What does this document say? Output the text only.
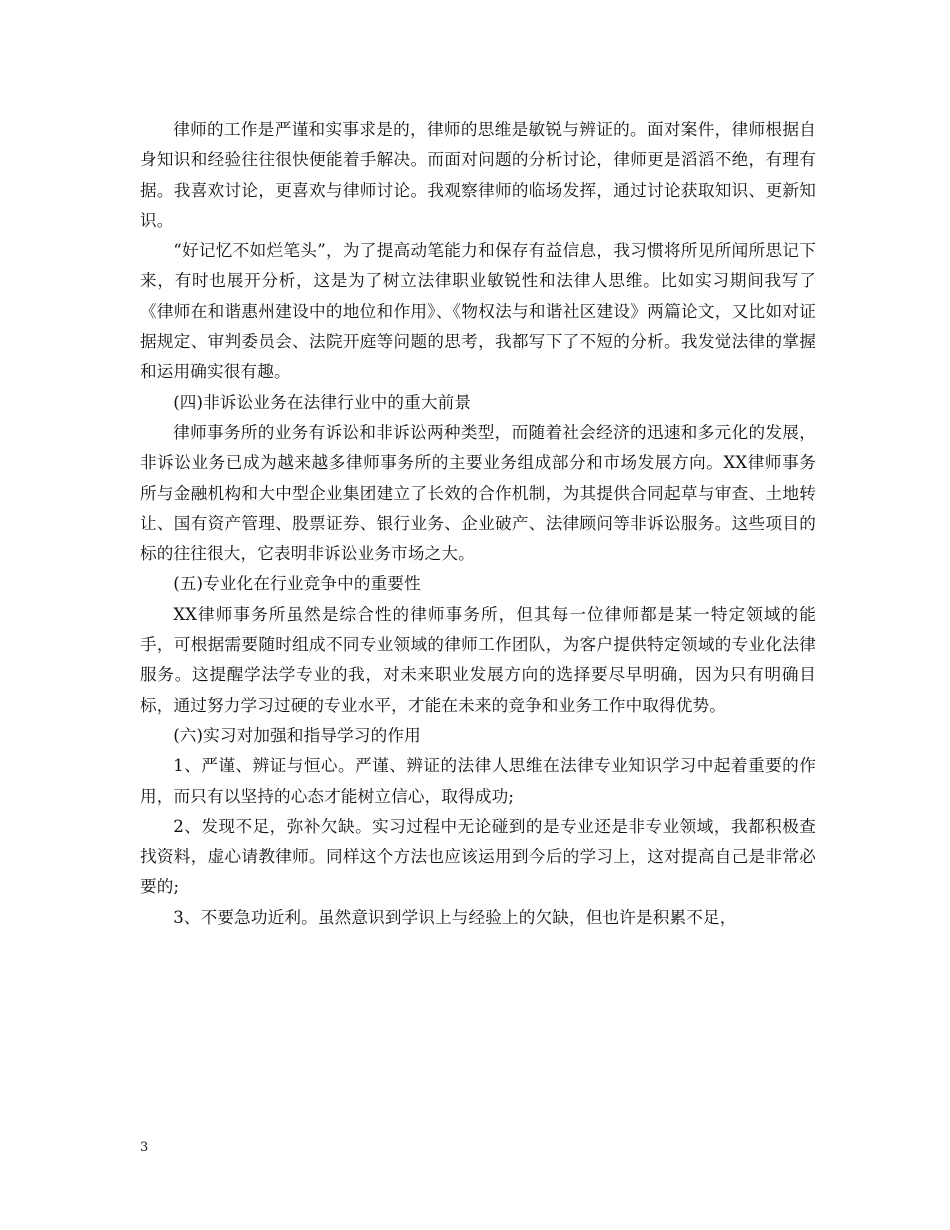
律师的工作是严谨和实事求是的，律师的思维是敏锐与辨证的。面对案件，律师根据自身知识和经验往往很快便能着手解决。而面对问题的分析讨论，律师更是滔滔不绝，有理有据。我喜欢讨论，更喜欢与律师讨论。我观察律师的临场发挥，通过讨论获取知识、更新知识。

“好记忆不如烂笔头”，为了提高动笔能力和保存有益信息，我习惯将所见所闻所思记下来，有时也展开分析，这是为了树立法律职业敏锐性和法律人思维。比如实习期间我写了《律师在和谐惠州建设中的地位和作用》、《物权法与和谐社区建设》两篇论文，又比如对证据规定、审判委员会、法院开庭等问题的思考，我都写下了不短的分析。我发觉法律的掌握和运用确实很有趣。

(四)非诉讼业务在法律行业中的重大前景

律师事务所的业务有诉讼和非诉讼两种类型，而随着社会经济的迅速和多元化的发展，非诉讼业务已成为越来越多律师事务所的主要业务组成部分和市场发展方向。XX律师事务所与金融机构和大中型企业集团建立了长效的合作机制，为其提供合同起草与审查、土地转让、国有资产管理、股票证券、银行业务、企业破产、法律顾问等非诉讼服务。这些项目的标的往往很大，它表明非诉讼业务市场之大。

(五)专业化在行业竞争中的重要性

XX律师事务所虽然是综合性的律师事务所，但其每一位律师都是某一特定领域的能手，可根据需要随时组成不同专业领域的律师工作团队，为客户提供特定领域的专业化法律服务。这提醒学法学专业的我，对未来职业发展方向的选择要尽早明确，因为只有明确目标，通过努力学习过硬的专业水平，才能在未来的竞争和业务工作中取得优势。

(六)实习对加强和指导学习的作用

1、严谨、辨证与恒心。严谨、辨证的法律人思维在法律专业知识学习中起着重要的作用，而只有以坚持的心态才能树立信心，取得成功;

2、发现不足，弥补欠缺。实习过程中无论碰到的是专业还是非专业领域，我都积极查找资料，虚心请教律师。同样这个方法也应该运用到今后的学习上，这对提高自己是非常必要的;

3、不要急功近利。虽然意识到学识上与经验上的欠缺，但也许是积累不足，

3
